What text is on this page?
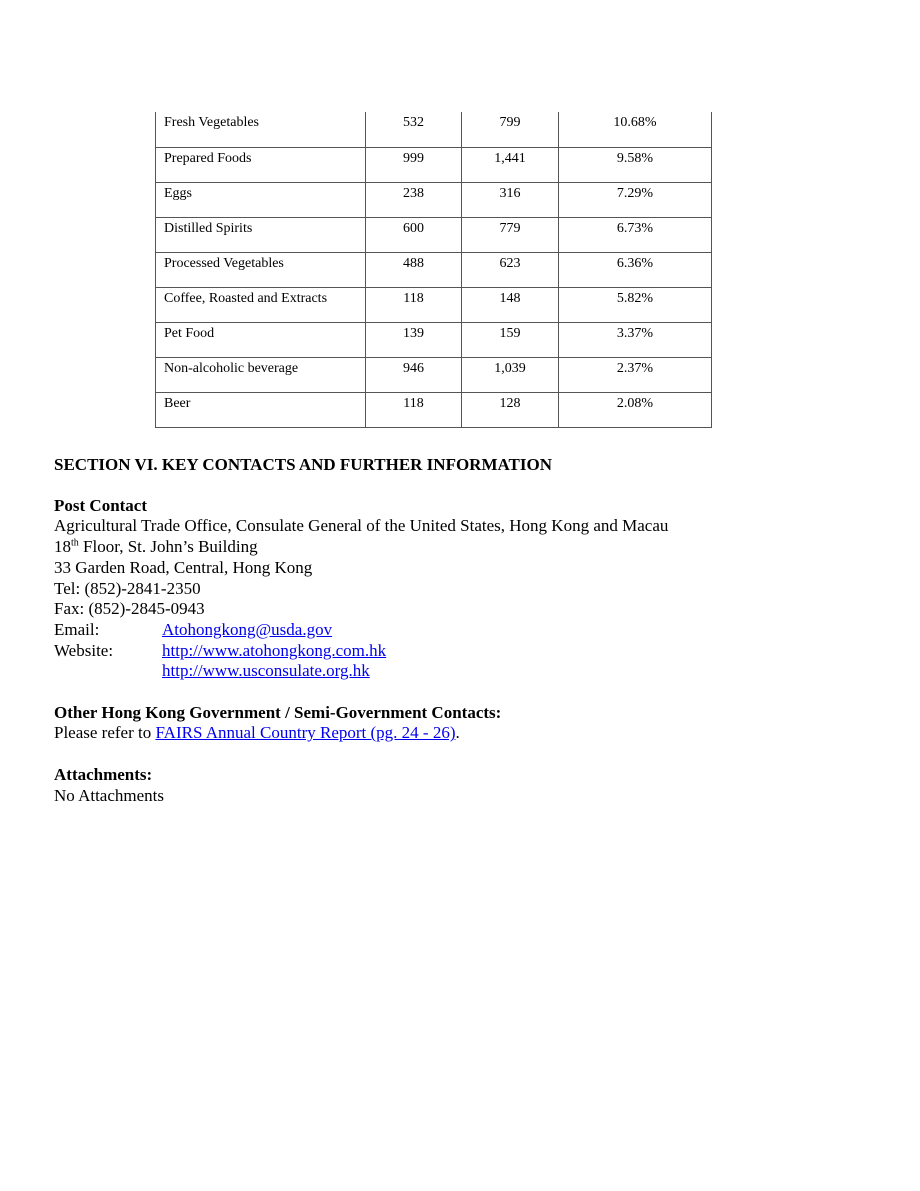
Fresh Vegetables	532	799	10.68%
Prepared Foods	999	1,441	9.58%
Eggs	238	316	7.29%
Distilled Spirits	600	779	6.73%
Processed Vegetables	488	623	6.36%
Coffee, Roasted and Extracts	118	148	5.82%
Pet Food	139	159	3.37%
Non-alcoholic beverage	946	1,039	2.37%
Beer	118	128	2.08%
SECTION VI. KEY CONTACTS AND FURTHER INFORMATION
Post Contact
Agricultural Trade Office, Consulate General of the United States, Hong Kong and Macau
18th Floor, St. John’s Building
33 Garden Road, Central, Hong Kong
Tel: (852)-2841-2350
Fax: (852)-2845-0943
Email:	Atohongkong@usda.gov
Website:	http://www.atohongkong.com.hk
http://www.usconsulate.org.hk
Other Hong Kong Government / Semi-Government Contacts:
Please refer to FAIRS Annual Country Report (pg. 24 - 26).
Attachments:
No Attachments
